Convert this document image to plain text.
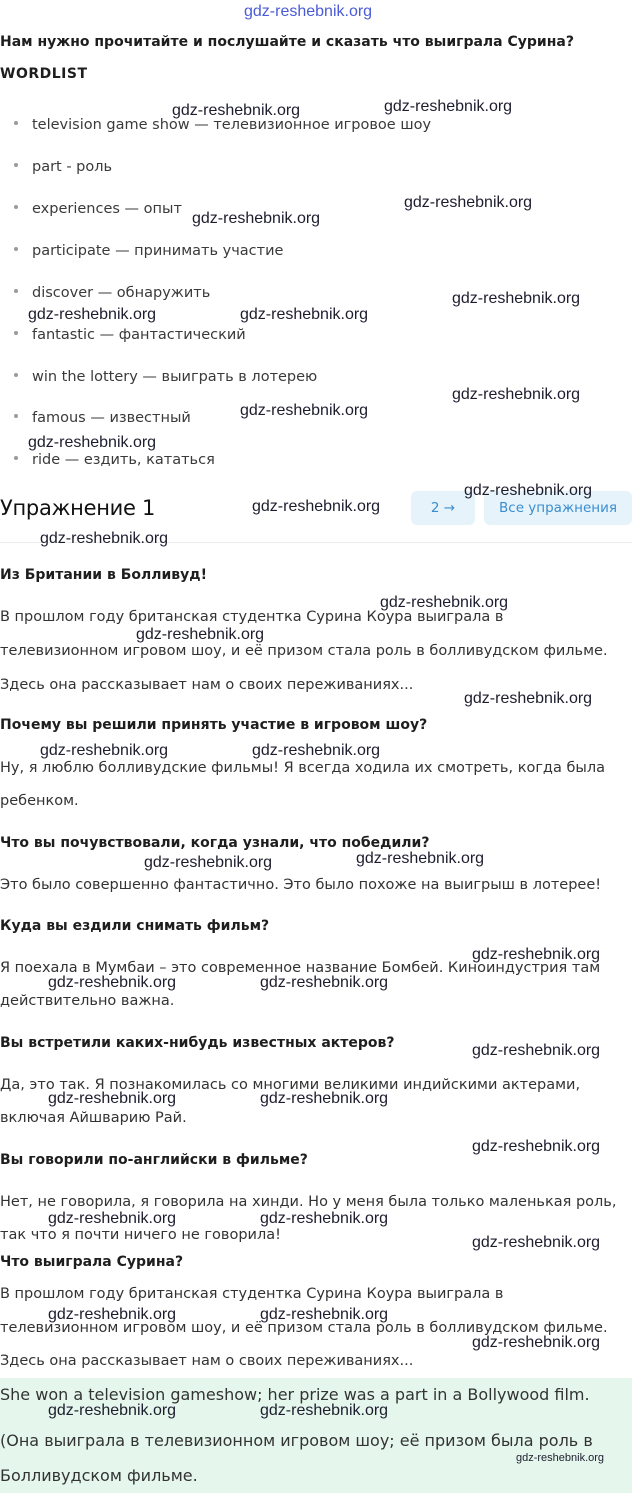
gdz-reshebnik.org
Нам нужно прочитайте и послушайте и сказать что выиграла Сурина?
WORDLIST
television game show — телевизионное игровое шоу
part - роль
experiences — опыт
participate — принимать участие
discover — обнаружить
fantastic — фантастический
win the lottery — выиграть в лотерею
famous — известный
ride — ездить, кататься
Упражнение 1	2 →	Все упражнения
Из Британии в Болливуд!
В прошлом году британская студентка Сурина Коура выиграла в
телевизионном игровом шоу, и её призом стала роль в болливудском фильме.
Здесь она рассказывает нам о своих переживаниях...
Почему вы решили принять участие в игровом шоу?
Ну, я люблю болливудские фильмы! Я всегда ходила их смотреть, когда была
ребенком.
Что вы почувствовали, когда узнали, что победили?
Это было совершенно фантастично. Это было похоже на выигрыш в лотерее!
Куда вы ездили снимать фильм?
Я поехала в Мумбаи – это современное название Бомбей. Киноиндустрия там
действительно важна.
Вы встретили каких-нибудь известных актеров?
Да, это так. Я познакомилась со многими великими индийскими актерами,
включая Айшварию Рай.
Вы говорили по-английски в фильме?
Нет, не говорила, я говорила на хинди. Но у меня была только маленькая роль,
так что я почти ничего не говорила!
Что выиграла Сурина?
В прошлом году британская студентка Сурина Коура выиграла в
телевизионном игровом шоу, и её призом стала роль в болливудском фильме.
Здесь она рассказывает нам о своих переживаниях...
She won a television gameshow; her prize was a part in a Bollywood film.
(Она выиграла в телевизионном игровом шоу; её призом была роль в
Болливудском фильме.
gdz-reshebnik.org	gdz-reshebnik.org
gdz-reshebnik.org
gdz-reshebnik.org
gdz-reshebnik.org	gdz-reshebnik.org
gdz-reshebnik.org
gdz-reshebnik.org
gdz-reshebnik.org
gdz-reshebnik.org
gdz-reshebnik.org
gdz-reshebnik.org
gdz-reshebnik.org
gdz-reshebnik.org
gdz-reshebnik.org
gdz-reshebnik.org
gdz-reshebnik.org	gdz-reshebnik.org
gdz-reshebnik.org	gdz-reshebnik.org
gdz-reshebnik.org
gdz-reshebnik.org	gdz-reshebnik.org
gdz-reshebnik.org
gdz-reshebnik.org	gdz-reshebnik.org
gdz-reshebnik.org
gdz-reshebnik.org	gdz-reshebnik.org
gdz-reshebnik.org
gdz-reshebnik.org	gdz-reshebnik.org
gdz-reshebnik.org
gdz-reshebnik.org	gdz-reshebnik.org
gdz-reshebnik.org
